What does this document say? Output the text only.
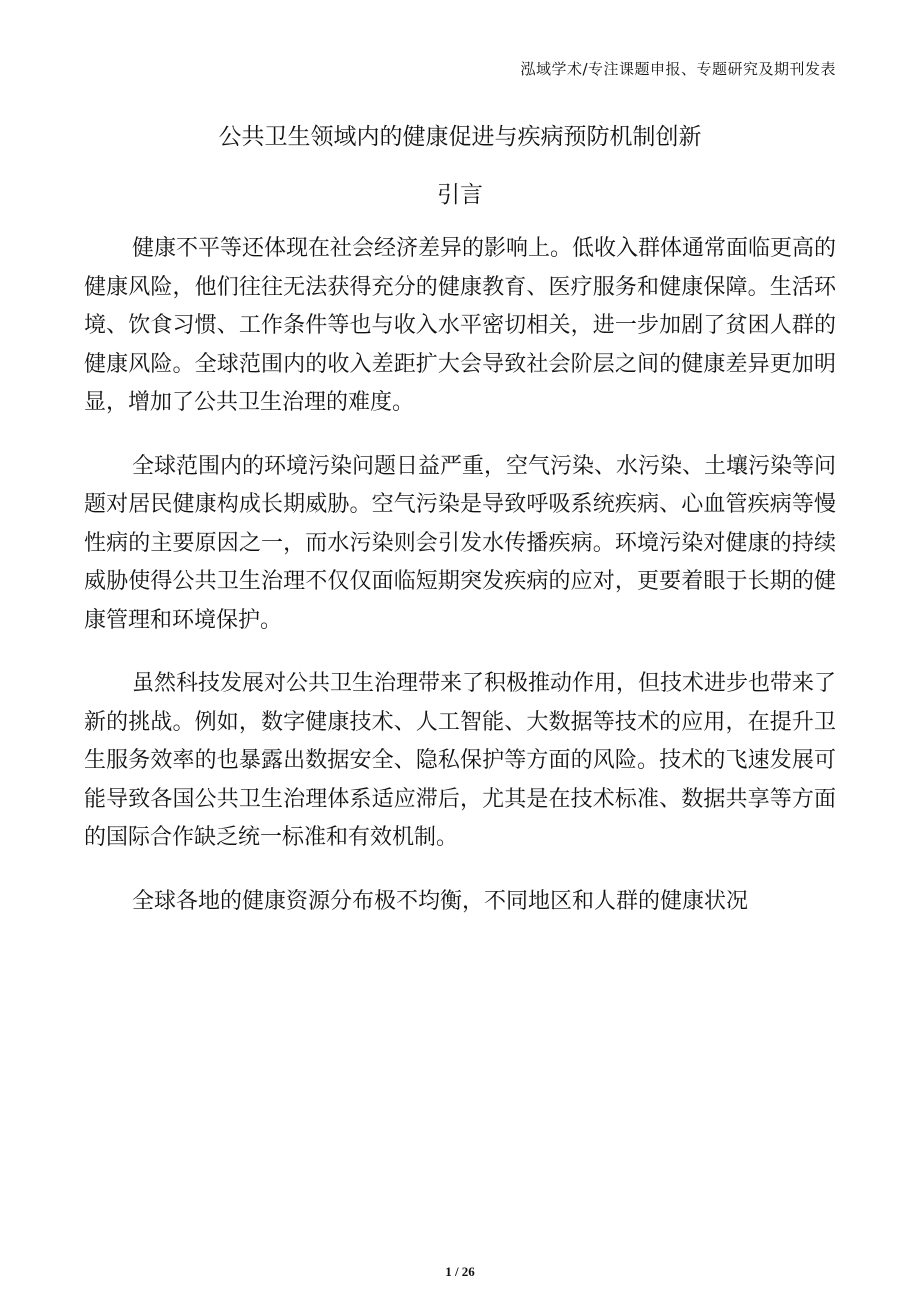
泓域学术/专注课题申报、专题研究及期刊发表
公共卫生领域内的健康促进与疾病预防机制创新
引言

健康不平等还体现在社会经济差异的影响上。低收入群体通常面临更高的健康风险，他们往往无法获得充分的健康教育、医疗服务和健康保障。生活环境、饮食习惯、工作条件等也与收入水平密切相关，进一步加剧了贫困人群的健康风险。全球范围内的收入差距扩大会导致社会阶层之间的健康差异更加明显，增加了公共卫生治理的难度。

全球范围内的环境污染问题日益严重，空气污染、水污染、土壤污染等问题对居民健康构成长期威胁。空气污染是导致呼吸系统疾病、心血管疾病等慢性病的主要原因之一，而水污染则会引发水传播疾病。环境污染对健康的持续威胁使得公共卫生治理不仅仅面临短期突发疾病的应对，更要着眼于长期的健康管理和环境保护。

虽然科技发展对公共卫生治理带来了积极推动作用，但技术进步也带来了新的挑战。例如，数字健康技术、人工智能、大数据等技术的应用，在提升卫生服务效率的也暴露出数据安全、隐私保护等方面的风险。技术的飞速发展可能导致各国公共卫生治理体系适应滞后，尤其是在技术标准、数据共享等方面的国际合作缺乏统一标准和有效机制。

全球各地的健康资源分布极不均衡，不同地区和人群的健康状况

1 / 26
